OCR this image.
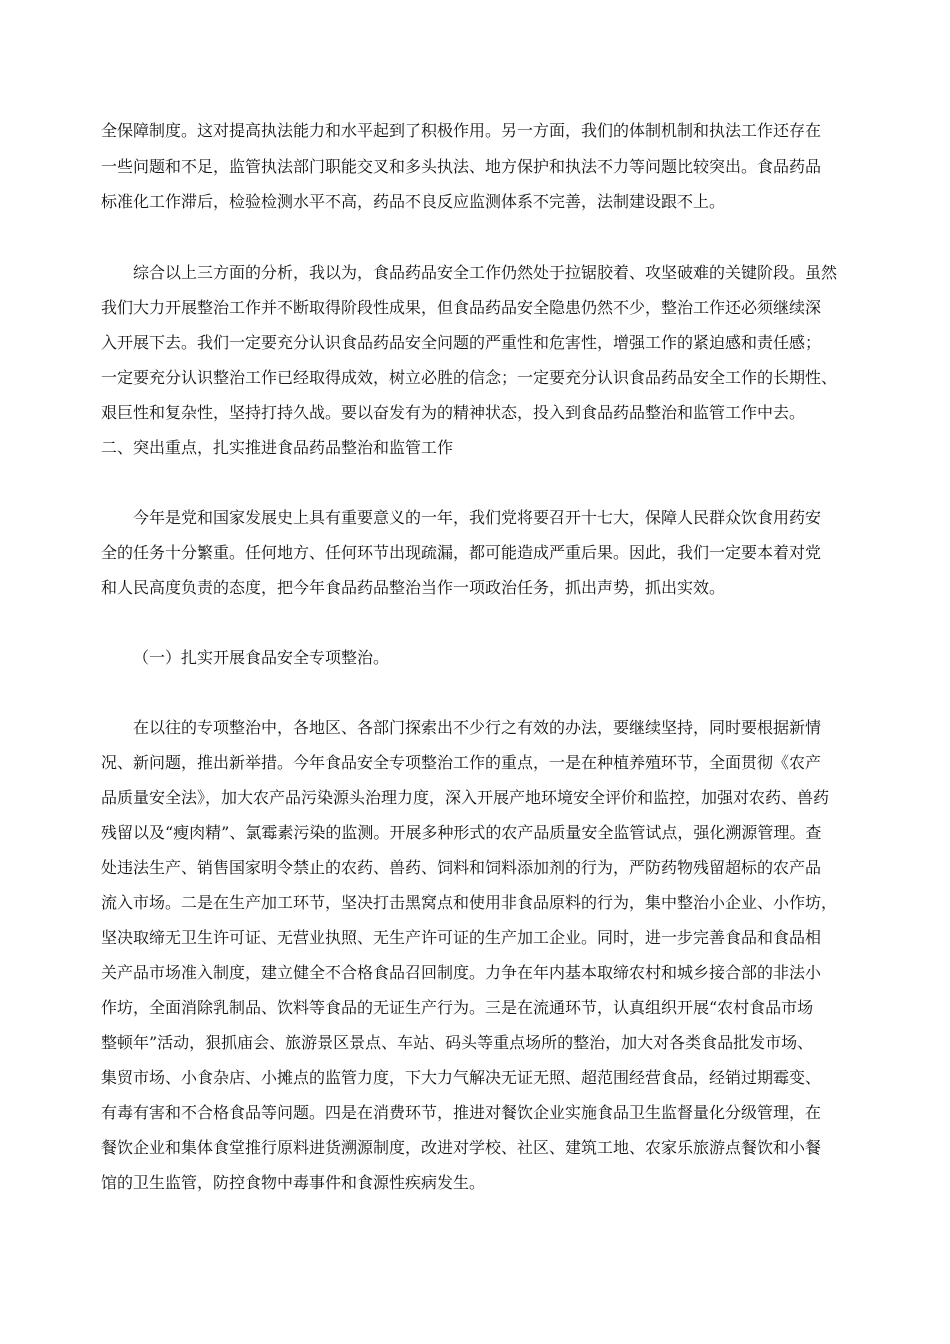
全保障制度。这对提高执法能力和水平起到了积极作用。另一方面，我们的体制机制和执法工作还存在
一些问题和不足，监管执法部门职能交叉和多头执法、地方保护和执法不力等问题比较突出。食品药品
标准化工作滞后，检验检测水平不高，药品不良反应监测体系不完善，法制建设跟不上。
综合以上三方面的分析，我以为，食品药品安全工作仍然处于拉锯胶着、攻坚破难的关键阶段。虽然
我们大力开展整治工作并不断取得阶段性成果，但食品药品安全隐患仍然不少，整治工作还必须继续深
入开展下去。我们一定要充分认识食品药品安全问题的严重性和危害性，增强工作的紧迫感和责任感；
一定要充分认识整治工作已经取得成效，树立必胜的信念；一定要充分认识食品药品安全工作的长期性、
艰巨性和复杂性，坚持打持久战。要以奋发有为的精神状态，投入到食品药品整治和监管工作中去。
二、突出重点，扎实推进食品药品整治和监管工作
今年是党和国家发展史上具有重要意义的一年，我们党将要召开十七大，保障人民群众饮食用药安
全的任务十分繁重。任何地方、任何环节出现疏漏，都可能造成严重后果。因此，我们一定要本着对党
和人民高度负责的态度，把今年食品药品整治当作一项政治任务，抓出声势，抓出实效。
（一）扎实开展食品安全专项整治。
在以往的专项整治中，各地区、各部门探索出不少行之有效的办法，要继续坚持，同时要根据新情
况、新问题，推出新举措。今年食品安全专项整治工作的重点，一是在种植养殖环节，全面贯彻《农产
品质量安全法》，加大农产品污染源头治理力度，深入开展产地环境安全评价和监控，加强对农药、兽药
残留以及“瘦肉精”、氯霉素污染的监测。开展多种形式的农产品质量安全监管试点，强化溯源管理。查
处违法生产、销售国家明令禁止的农药、兽药、饲料和饲料添加剂的行为，严防药物残留超标的农产品
流入市场。二是在生产加工环节，坚决打击黑窝点和使用非食品原料的行为，集中整治小企业、小作坊，
坚决取缔无卫生许可证、无营业执照、无生产许可证的生产加工企业。同时，进一步完善食品和食品相
关产品市场准入制度，建立健全不合格食品召回制度。力争在年内基本取缔农村和城乡接合部的非法小
作坊，全面消除乳制品、饮料等食品的无证生产行为。三是在流通环节，认真组织开展“农村食品市场
整顿年”活动，狠抓庙会、旅游景区景点、车站、码头等重点场所的整治，加大对各类食品批发市场、
集贸市场、小食杂店、小摊点的监管力度，下大力气解决无证无照、超范围经营食品，经销过期霉变、
有毒有害和不合格食品等问题。四是在消费环节，推进对餐饮企业实施食品卫生监督量化分级管理，在
餐饮企业和集体食堂推行原料进货溯源制度，改进对学校、社区、建筑工地、农家乐旅游点餐饮和小餐
馆的卫生监管，防控食物中毒事件和食源性疾病发生。
